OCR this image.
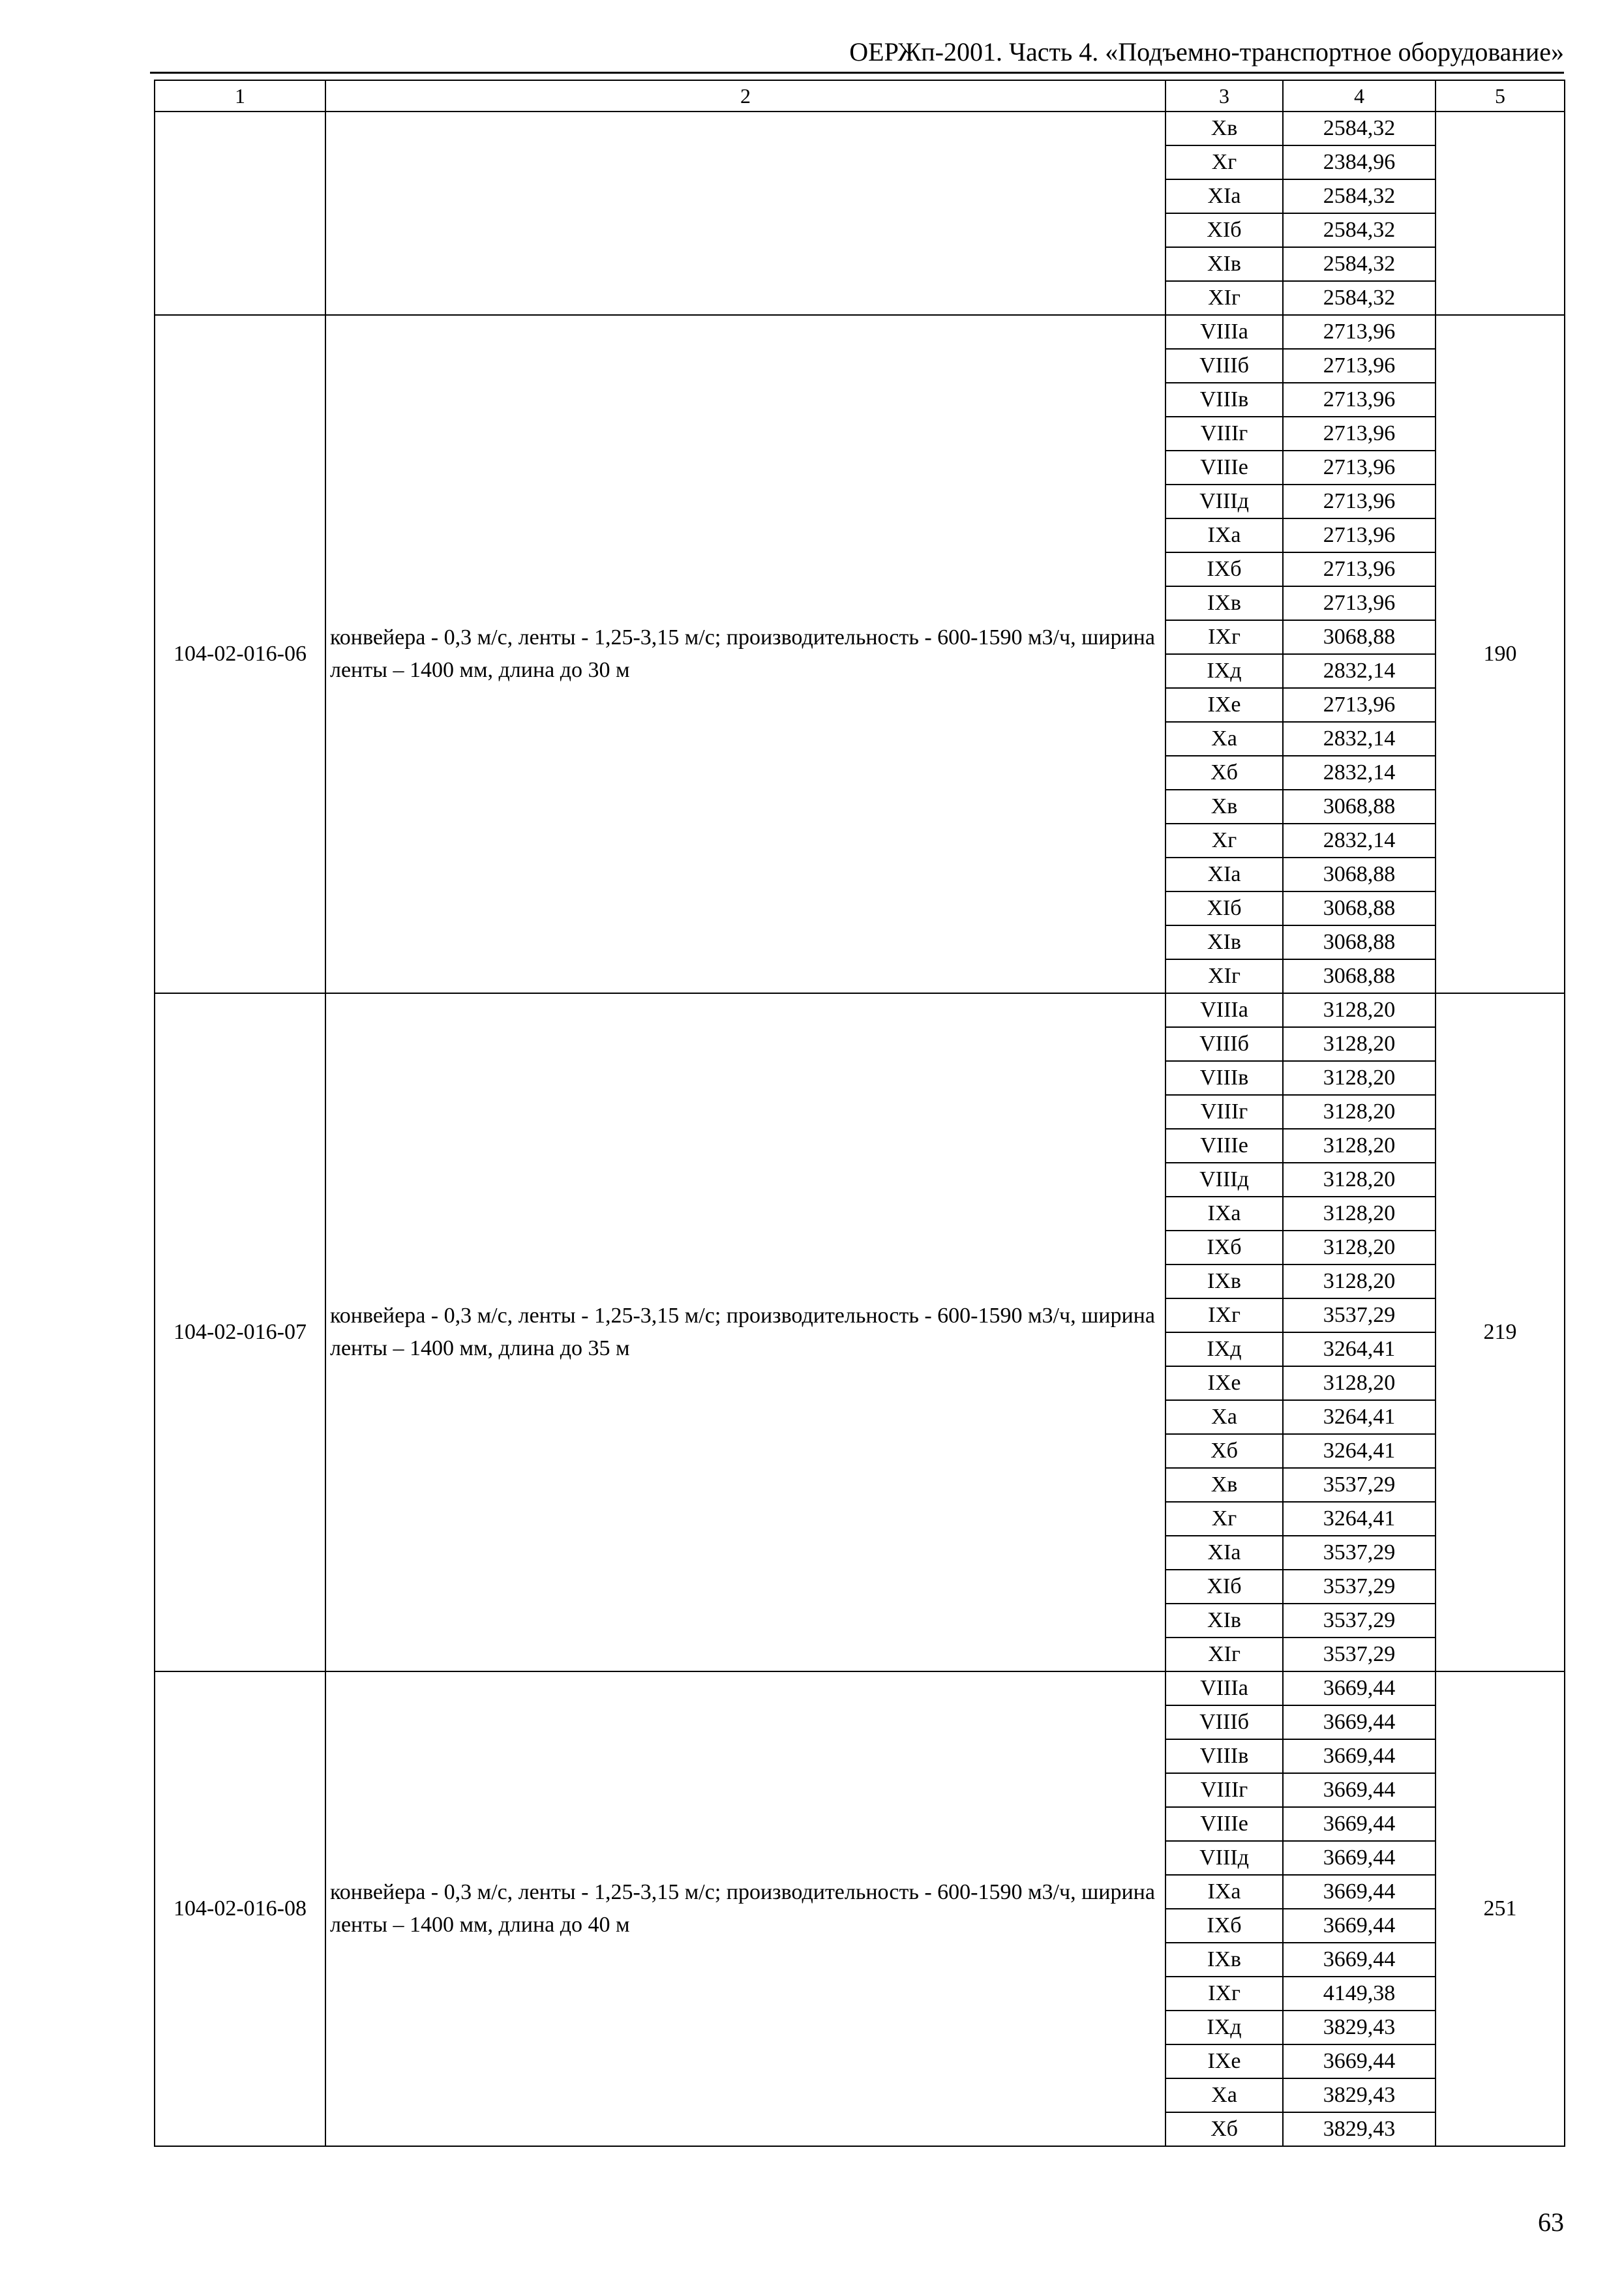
ОЕРЖп-2001. Часть 4. «Подъемно-транспортное оборудование»
1	2	3	4	5
		Хв	2584,32	
		Хг	2384,96	
		ХIа	2584,32	
		ХIб	2584,32	
		ХIв	2584,32	
		ХIг	2584,32	
104-02-016-06	конвейера - 0,3 м/с, ленты - 1,25-3,15 м/с; производительность - 600-1590 м3/ч, ширина ленты – 1400 мм, длина до 30 м	VIIIа	2713,96	190
		VIIIб	2713,96	
		VIIIв	2713,96	
		VIIIг	2713,96	
		VIIIе	2713,96	
		VIIIд	2713,96	
		IХа	2713,96	
		IХб	2713,96	
		IХв	2713,96	
		IХг	3068,88	
		IХд	2832,14	
		IХе	2713,96	
		Ха	2832,14	
		Хб	2832,14	
		Хв	3068,88	
		Хг	2832,14	
		ХIа	3068,88	
		ХIб	3068,88	
		ХIв	3068,88	
		ХIг	3068,88	
104-02-016-07	конвейера - 0,3 м/с, ленты - 1,25-3,15 м/с; производительность - 600-1590 м3/ч, ширина ленты – 1400 мм, длина до 35 м	VIIIа	3128,20	219
		VIIIб	3128,20	
		VIIIв	3128,20	
		VIIIг	3128,20	
		VIIIе	3128,20	
		VIIIд	3128,20	
		IХа	3128,20	
		IХб	3128,20	
		IХв	3128,20	
		IХг	3537,29	
		IХд	3264,41	
		IХе	3128,20	
		Ха	3264,41	
		Хб	3264,41	
		Хв	3537,29	
		Хг	3264,41	
		ХIа	3537,29	
		ХIб	3537,29	
		ХIв	3537,29	
		ХIг	3537,29	
104-02-016-08	конвейера - 0,3 м/с, ленты - 1,25-3,15 м/с; производительность - 600-1590 м3/ч, ширина ленты – 1400 мм, длина до 40 м	VIIIа	3669,44	251
		VIIIб	3669,44	
		VIIIв	3669,44	
		VIIIг	3669,44	
		VIIIе	3669,44	
		VIIIд	3669,44	
		IХа	3669,44	
		IХб	3669,44	
		IХв	3669,44	
		IХг	4149,38	
		IХд	3829,43	
		IХе	3669,44	
		Ха	3829,43	
		Хб	3829,43	
63
